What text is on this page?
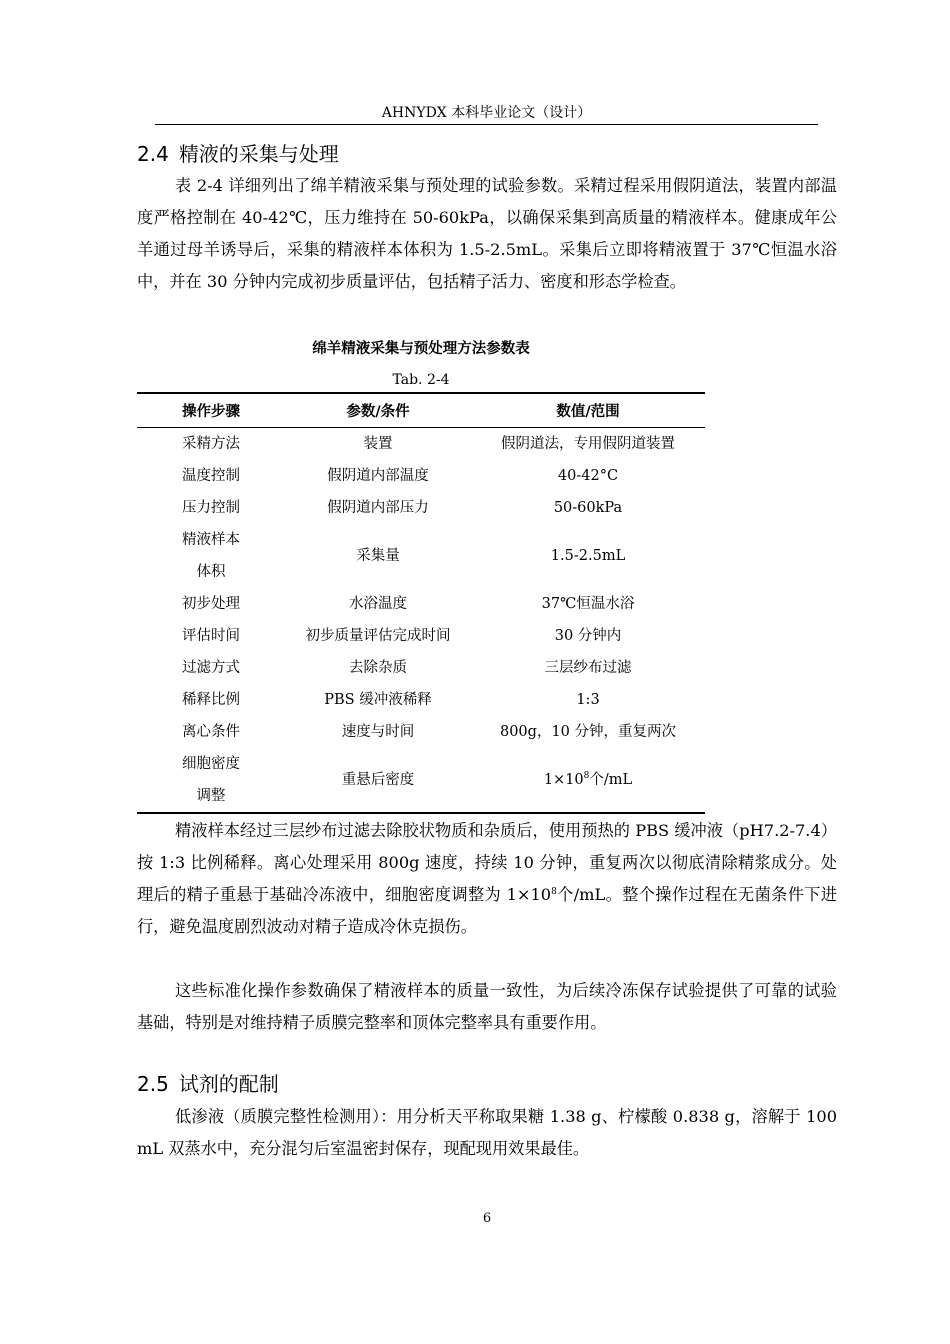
AHNYDX 本科毕业论文（设计）
2.4 精液的采集与处理

表 2-4 详细列出了绵羊精液采集与预处理的试验参数。采精过程采用假阴道法，装置内部温度严格控制在 40-42℃，压力维持在 50-60kPa，以确保采集到高质量的精液样本。健康成年公羊通过母羊诱导后，采集的精液样本体积为 1.5-2.5mL。采集后立即将精液置于 37℃恒温水浴中，并在 30 分钟内完成初步质量评估，包括精子活力、密度和形态学检查。

绵羊精液采集与预处理方法参数表
Tab. 2-4
操作步骤	参数/条件	数值/范围
采精方法	装置	假阴道法，专用假阴道装置
温度控制	假阴道内部温度	40-42°C
压力控制	假阴道内部压力	50-60kPa
精液样本体积	采集量	1.5-2.5mL
初步处理	水浴温度	37℃恒温水浴
评估时间	初步质量评估完成时间	30 分钟内
过滤方式	去除杂质	三层纱布过滤
稀释比例	PBS 缓冲液稀释	1:3
离心条件	速度与时间	800g，10 分钟，重复两次
细胞密度调整	重悬后密度	$1\times 10^8$个/mL

精液样本经过三层纱布过滤去除胶状物质和杂质后，使用预热的 PBS 缓冲液（pH7.2-7.4）按 1:3 比例稀释。离心处理采用 800g 速度，持续 10 分钟，重复两次以彻底清除精浆成分。处理后的精子重悬于基础冷冻液中，细胞密度调整为 $1\times 10^8$个/mL。整个操作过程在无菌条件下进行，避免温度剧烈波动对精子造成冷休克损伤。

这些标准化操作参数确保了精液样本的质量一致性，为后续冷冻保存试验提供了可靠的试验基础，特别是对维持精子质膜完整率和顶体完整率具有重要作用。

2.5 试剂的配制

低渗液（质膜完整性检测用）：用分析天平称取果糖 1.38 g、柠檬酸 0.838 g，溶解于 100 mL 双蒸水中，充分混匀后室温密封保存，现配现用效果最佳。

6
